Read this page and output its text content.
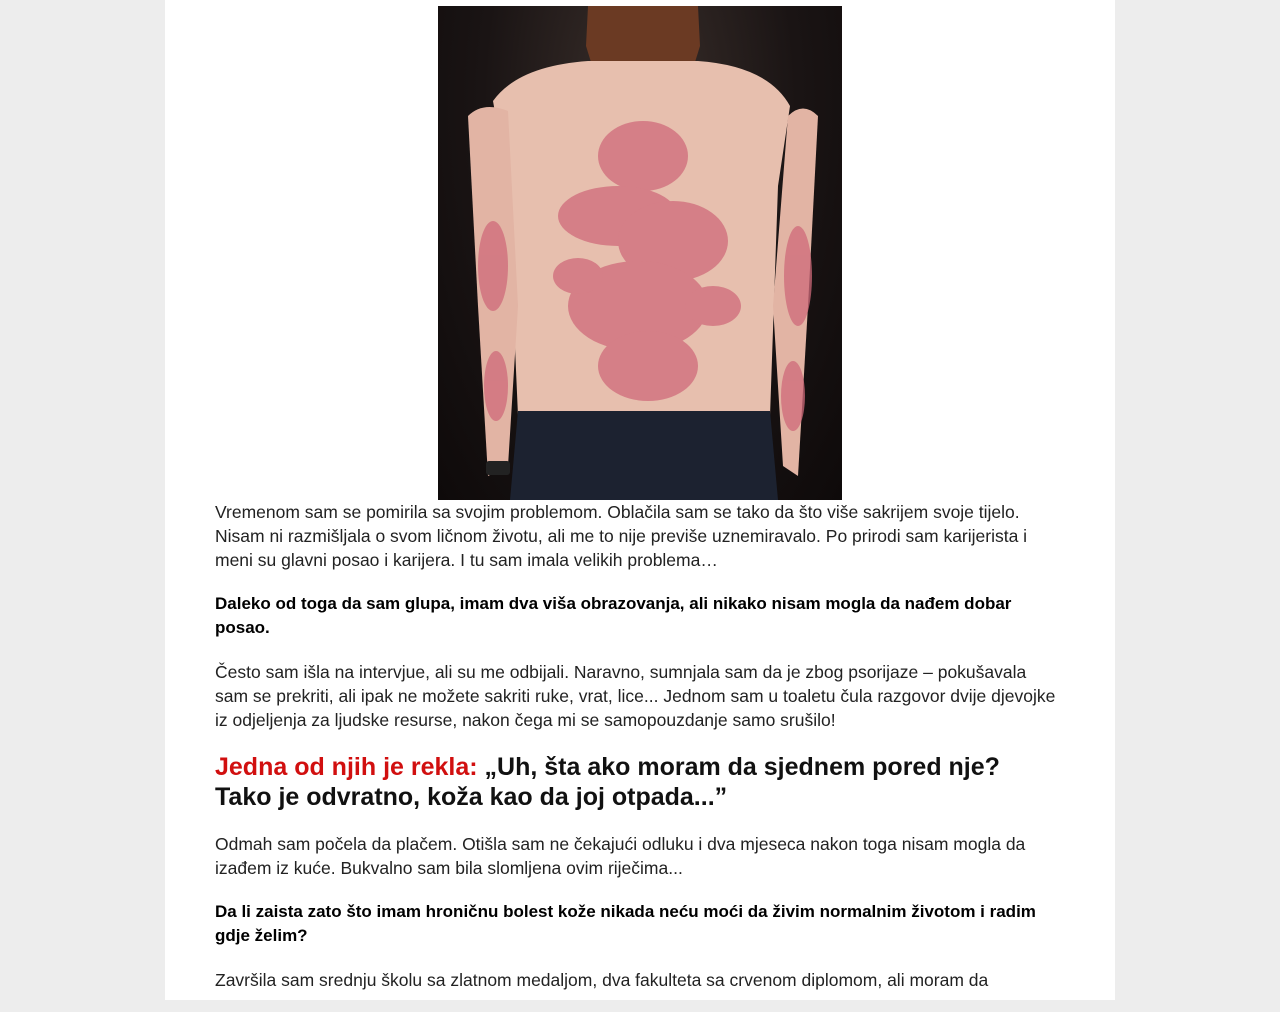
Vremenom sam se pomirila sa svojim problemom. Oblačila sam se tako da što više sakrijem svoje tijelo. Nisam ni razmišljala o svom ličnom životu, ali me to nije previše uznemiravalo. Po prirodi sam karijerista i meni su glavni posao i karijera. I tu sam imala velikih problema…

Daleko od toga da sam glupa, imam dva viša obrazovanja, ali nikako nisam mogla da nađem dobar posao.

Često sam išla na intervjue, ali su me odbijali. Naravno, sumnjala sam da je zbog psorijaze – pokušavala sam se prekriti, ali ipak ne možete sakriti ruke, vrat, lice... Jednom sam u toaletu čula razgovor dvije djevojke iz odjeljenja za ljudske resurse, nakon čega mi se samopouzdanje samo srušilo!

Jedna od njih je rekla: „Uh, šta ako moram da sjednem pored nje? Tako je odvratno, koža kao da joj otpada...”

Odmah sam počela da plačem. Otišla sam ne čekajući odluku i dva mjeseca nakon toga nisam mogla da izađem iz kuće. Bukvalno sam bila slomljena ovim riječima...

Da li zaista zato što imam hroničnu bolest kože nikada neću moći da živim normalnim životom i radim gdje želim?

Završila sam srednju školu sa zlatnom medaljom, dva fakulteta sa crvenom diplomom, ali moram da
